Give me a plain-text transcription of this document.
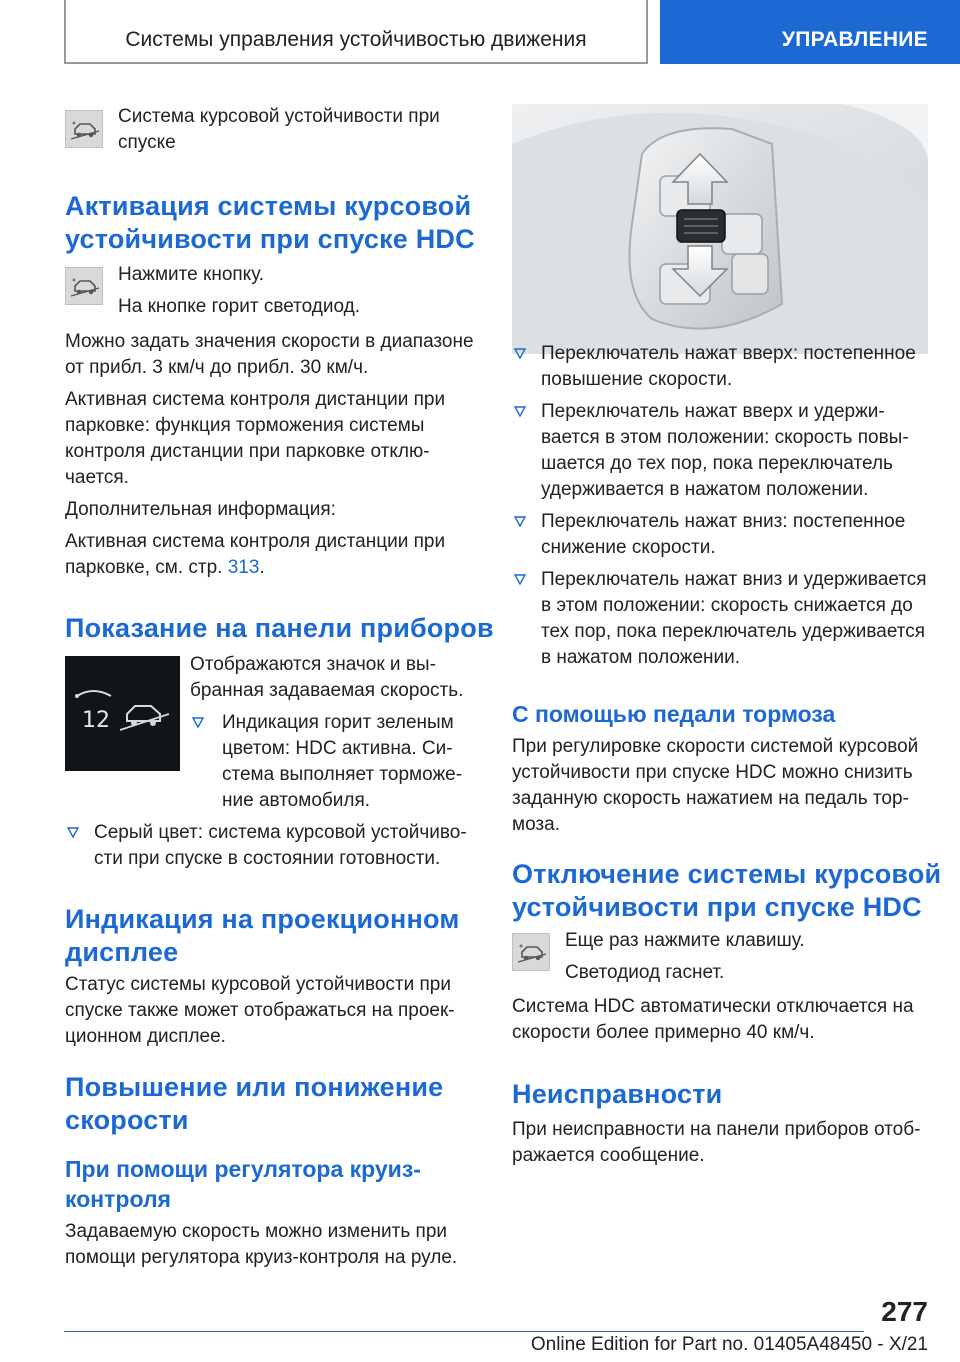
Системы управления устойчивостью движения	УПРАВЛЕНИЕ
Система курсовой устойчивости при
спуске
Активация системы курсовой
устойчивости при спуске HDC
Нажмите кнопку.
На кнопке горит светодиод.
Можно задать значения скорости в диапазоне
от прибл. 3 км/ч до прибл. 30 км/ч.
Активная система контроля дистанции при
парковке: функция торможения системы
контроля дистанции при парковке отклю-
чается.
Дополнительная информация:
Активная система контроля дистанции при
парковке, см. стр. 313.
Показание на панели приборов
12
Отображаются значок и вы-
бранная задаваемая скорость.
Индикация горит зеленым
цветом: HDC активна. Си-
стема выполняет торможе-
ние автомобиля.
Серый цвет: система курсовой устойчиво-
сти при спуске в состоянии готовности.
Индикация на проекционном
дисплее
Статус системы курсовой устойчивости при
спуске также может отображаться на проек-
ционном дисплее.
Повышение или понижение
скорости
При помощи регулятора круиз-
контроля
Задаваемую скорость можно изменить при
помощи регулятора круиз-контроля на руле.
Переключатель нажат вверх: постепенное
повышение скорости.
Переключатель нажат вверх и удержи-
вается в этом положении: скорость повы-
шается до тех пор, пока переключатель
удерживается в нажатом положении.
Переключатель нажат вниз: постепенное
снижение скорости.
Переключатель нажат вниз и удерживается
в этом положении: скорость снижается до
тех пор, пока переключатель удерживается
в нажатом положении.
С помощью педали тормоза
При регулировке скорости системой курсовой
устойчивости при спуске HDC можно снизить
заданную скорость нажатием на педаль тор-
моза.
Отключение системы курсовой
устойчивости при спуске HDC
Еще раз нажмите клавишу.
Светодиод гаснет.
Система HDC автоматически отключается на
скорости более примерно 40 км/ч.
Неисправности
При неисправности на панели приборов отоб-
ражается сообщение.
277
Online Edition for Part no. 01405A48450 - X/21
